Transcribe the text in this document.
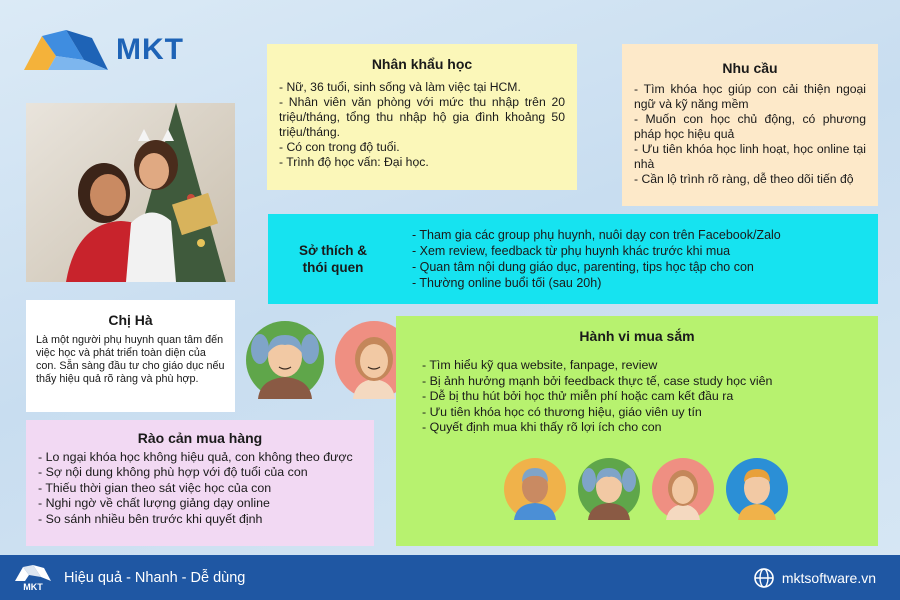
MKT	Nhân khẩu học
- Nữ, 36 tuổi, sinh sống và làm việc tại HCM.
- Nhân viên văn phòng với mức thu nhập trên 20 triệu/tháng, tổng thu nhập hộ gia đình khoảng 50 triệu/tháng.
- Có con trong độ tuổi.
- Trình độ học vấn: Đại học.
Nhu cầu
- Tìm khóa học giúp con cải thiện ngoại ngữ và kỹ năng mềm
- Muốn con học chủ động, có phương pháp học hiệu quả
- Ưu tiên khóa học linh hoạt, học online tại nhà
- Cần lộ trình rõ ràng, dễ theo dõi tiến độ
Sở thích &
thói quen
- Tham gia các group phụ huynh, nuôi dạy con trên Facebook/Zalo
- Xem review, feedback từ phụ huynh khác trước khi mua
- Quan tâm nội dung giáo dục, parenting, tips học tập cho con
- Thường online buổi tối (sau 20h)
Chị Hà

Là một người phụ huynh quan tâm đến việc học và phát triển toàn diện của con. Sẵn sàng đầu tư cho giáo dục nếu thấy hiệu quả rõ ràng và phù hợp.

Rào cản mua hàng
- Lo ngại khóa học không hiệu quả, con không theo được
- Sợ nội dung không phù hợp với độ tuổi của con
- Thiếu thời gian theo sát việc học của con
- Nghi ngờ về chất lượng giảng dạy online
- So sánh nhiều bên trước khi quyết định
Hành vi mua sắm
- Tìm hiểu kỹ qua website, fanpage, review
- Bị ảnh hưởng mạnh bởi feedback thực tế, case study học viên
- Dễ bị thu hút bởi học thử miễn phí hoặc cam kết đầu ra
- Ưu tiên khóa học có thương hiệu, giáo viên uy tín
- Quyết định mua khi thấy rõ lợi ích cho con
MKT
Hiệu quả - Nhanh - Dễ dùng	mktsoftware.vn
